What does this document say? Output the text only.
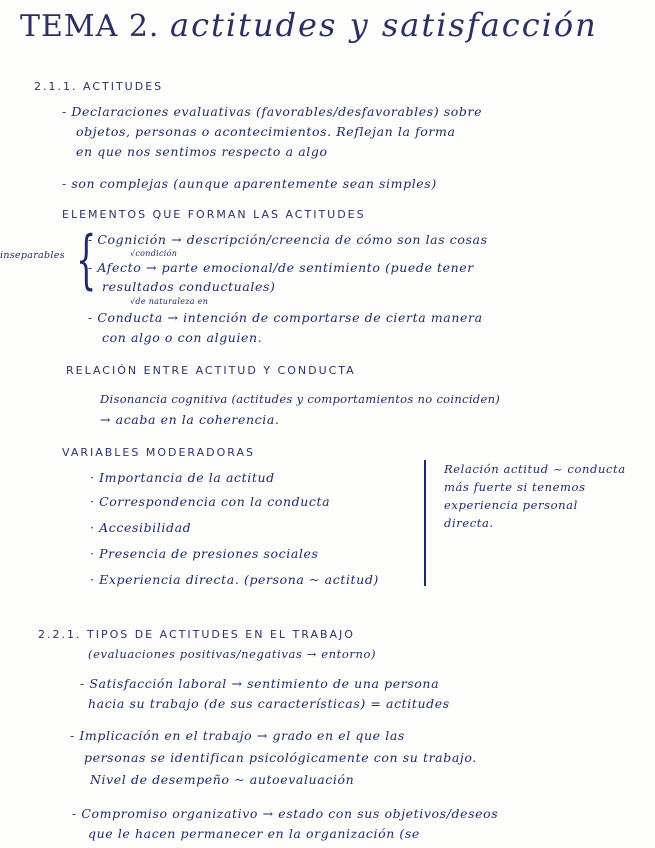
TEMA 2. actitudes y satisfacción
2.1.1. ACTITUDES
- Declaraciones evaluativas (favorables/desfavorables) sobre
objetos, personas o acontecimientos. Reflejan la forma
en que nos sentimos respecto a algo
- son complejas (aunque aparentemente sean simples)
ELEMENTOS QUE FORMAN LAS ACTITUDES
inseparables {
- Cognición → descripción/creencia de cómo son las cosas
√condición
- Afecto → parte emocional/de sentimiento (puede tener
resultados conductuales)
√de naturaleza en
- Conducta → intención de comportarse de cierta manera
con algo o con alguien.
RELACIÓN ENTRE ACTITUD Y CONDUCTA
Disonancia cognitiva (actitudes y comportamientos no coinciden)
→ acaba en la coherencia.
VARIABLES MODERADORAS
· Importancia de la actitud
· Correspondencia con la conducta
· Accesibilidad
· Presencia de presiones sociales
· Experiencia directa. (persona ~ actitud)
Relación actitud ~ conducta
más fuerte si tenemos
experiencia personal
directa.
2.2.1. TIPOS DE ACTITUDES EN EL TRABAJO
(evaluaciones positivas/negativas → entorno)
- Satisfacción laboral → sentimiento de una persona
hacia su trabajo (de sus características) = actitudes
- Implicación en el trabajo → grado en el que las
personas se identifican psicológicamente con su trabajo.
Nivel de desempeño ~ autoevaluación
- Compromiso organizativo → estado con sus objetivos/deseos
que le hacen permanecer en la organización (se
